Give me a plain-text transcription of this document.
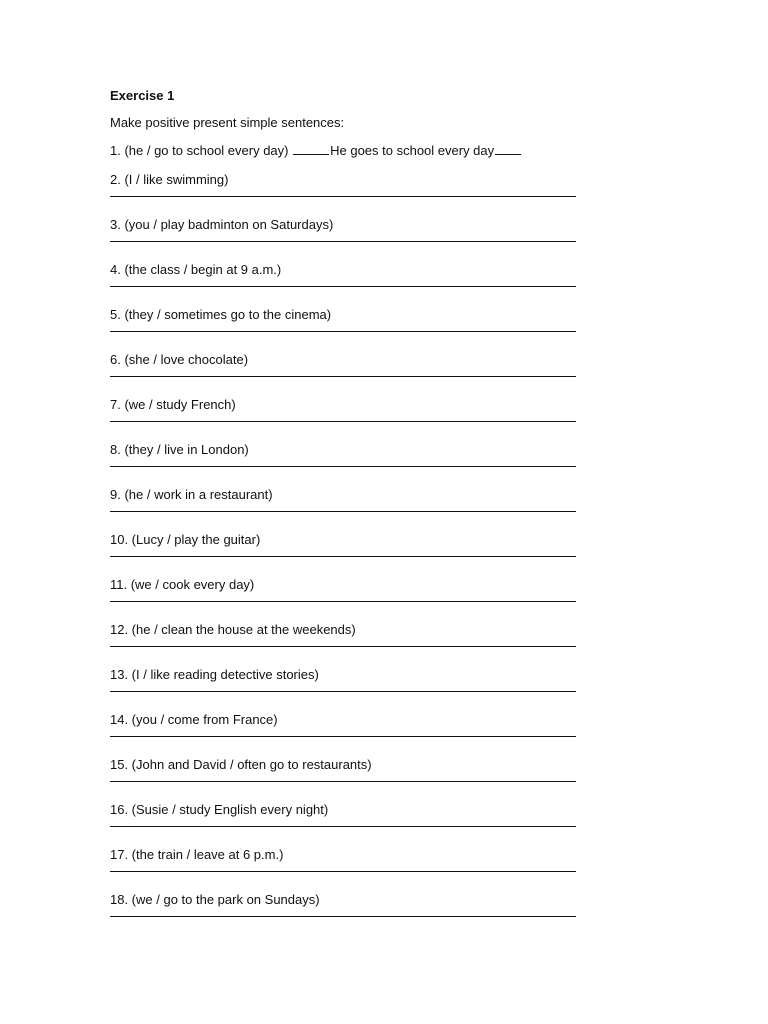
Exercise 1
Make positive present simple sentences:
1. (he / go to school every day)	He goes to school every day
2. (I / like swimming)
3. (you / play badminton on Saturdays)
4. (the class / begin at 9 a.m.)
5. (they / sometimes go to the cinema)
6. (she / love chocolate)
7. (we / study French)
8. (they / live in London)
9. (he / work in a restaurant)
10. (Lucy / play the guitar)
11. (we / cook every day)
12. (he / clean the house at the weekends)
13. (I / like reading detective stories)
14. (you / come from France)
15. (John and David / often go to restaurants)
16. (Susie / study English every night)
17. (the train / leave at 6 p.m.)
18. (we / go to the park on Sundays)
